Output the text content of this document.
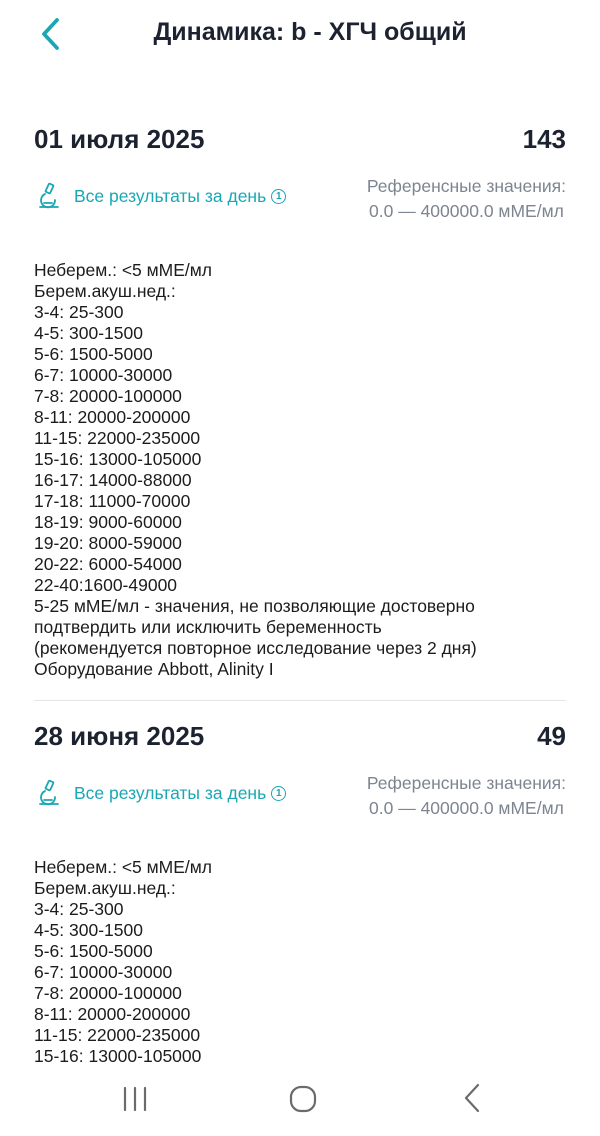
Динамика: b - ХГЧ общий
01 июля 2025	143
Все результаты за день 1	Референсные значения:
0.0 — 400000.0 мМЕ/мл
Неберем.: <5 мМЕ/мл
Берем.акуш.нед.:
3-4: 25-300
4-5: 300-1500
5-6: 1500-5000
6-7: 10000-30000
7-8: 20000-100000
8-11: 20000-200000
11-15: 22000-235000
15-16: 13000-105000
16-17: 14000-88000
17-18: 11000-70000
18-19: 9000-60000
19-20: 8000-59000
20-22: 6000-54000
22-40:1600-49000
5-25 мМЕ/мл - значения, не позволяющие достоверно
подтвердить или исключить беременность
(рекомендуется повторное исследование через 2 дня)
Оборудование Abbott, Alinity I
28 июня 2025	49
Все результаты за день 1	Референсные значения:
0.0 — 400000.0 мМЕ/мл
Неберем.: <5 мМЕ/мл
Берем.акуш.нед.:
3-4: 25-300
4-5: 300-1500
5-6: 1500-5000
6-7: 10000-30000
7-8: 20000-100000
8-11: 20000-200000
11-15: 22000-235000
15-16: 13000-105000
